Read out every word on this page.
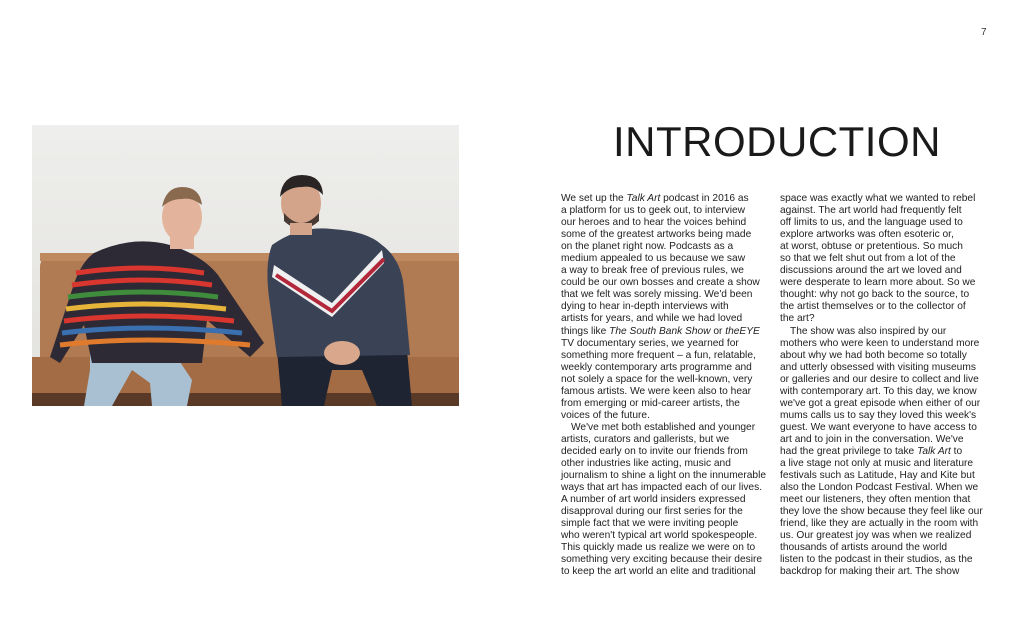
7
INTRODUCTION
We set up the Talk Art podcast in 2016 as
a platform for us to geek out, to interview
our heroes and to hear the voices behind
some of the greatest artworks being made
on the planet right now. Podcasts as a
medium appealed to us because we saw
a way to break free of previous rules, we
could be our own bosses and create a show
that we felt was sorely missing. We'd been
dying to hear in-depth interviews with
artists for years, and while we had loved
things like The South Bank Show or theEYE
TV documentary series, we yearned for
something more frequent – a fun, relatable,
weekly contemporary arts programme and
not solely a space for the well-known, very
famous artists. We were keen also to hear
from emerging or mid-career artists, the
voices of the future.
We've met both established and younger
artists, curators and gallerists, but we
decided early on to invite our friends from
other industries like acting, music and
journalism to shine a light on the innumerable
ways that art has impacted each of our lives.
A number of art world insiders expressed
disapproval during our first series for the
simple fact that we were inviting people
who weren't typical art world spokespeople.
This quickly made us realize we were on to
something very exciting because their desire
to keep the art world an elite and traditional
space was exactly what we wanted to rebel
against. The art world had frequently felt
off limits to us, and the language used to
explore artworks was often esoteric or,
at worst, obtuse or pretentious. So much
so that we felt shut out from a lot of the
discussions around the art we loved and
were desperate to learn more about. So we
thought: why not go back to the source, to
the artist themselves or to the collector of
the art?
The show was also inspired by our
mothers who were keen to understand more
about why we had both become so totally
and utterly obsessed with visiting museums
or galleries and our desire to collect and live
with contemporary art. To this day, we know
we've got a great episode when either of our
mums calls us to say they loved this week's
guest. We want everyone to have access to
art and to join in the conversation. We've
had the great privilege to take Talk Art to
a live stage not only at music and literature
festivals such as Latitude, Hay and Kite but
also the London Podcast Festival. When we
meet our listeners, they often mention that
they love the show because they feel like our
friend, like they are actually in the room with
us. Our greatest joy was when we realized
thousands of artists around the world
listen to the podcast in their studios, as the
backdrop for making their art. The show
